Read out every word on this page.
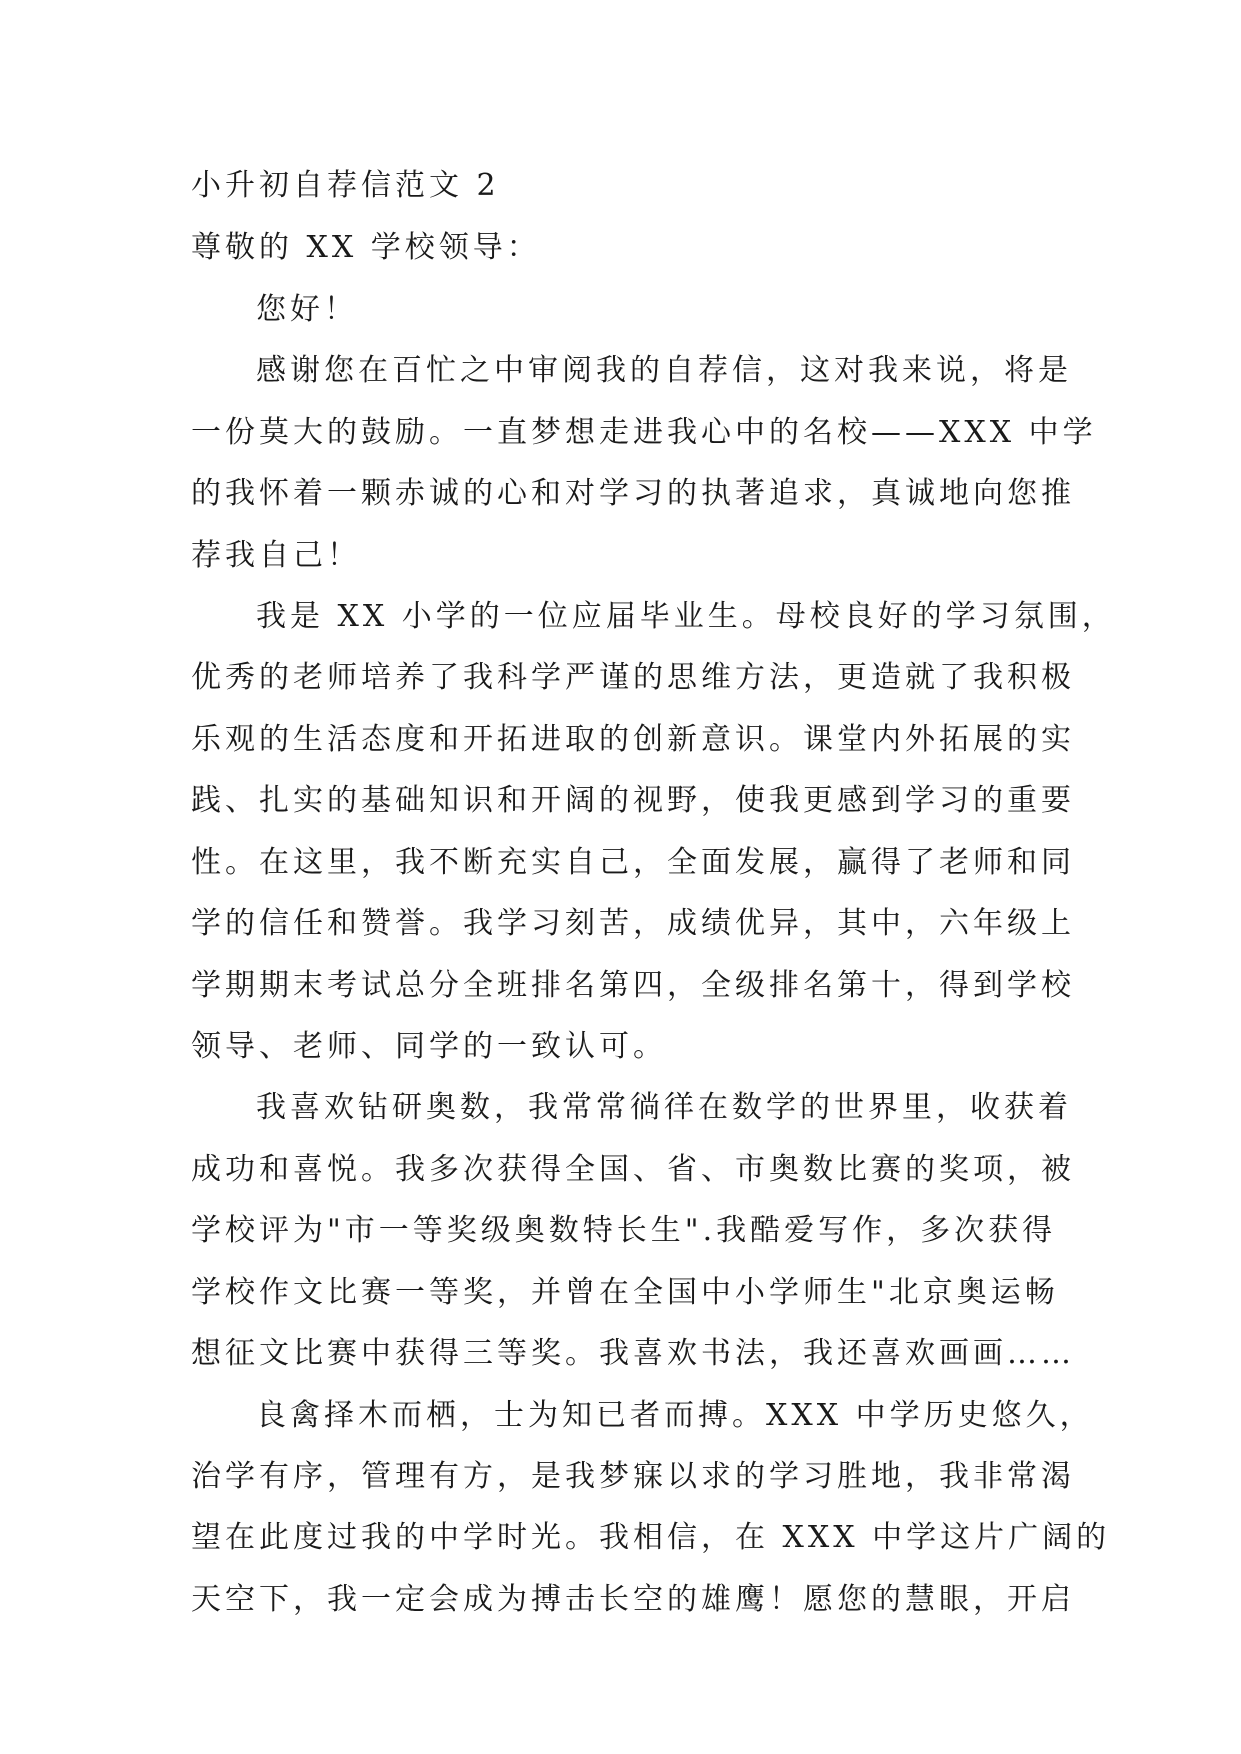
小升初自荐信范文 2
尊敬的 XX 学校领导：
您好！
感谢您在百忙之中审阅我的自荐信，这对我来说，将是
一份莫大的鼓励。一直梦想走进我心中的名校——XXX 中学
的我怀着一颗赤诚的心和对学习的执著追求，真诚地向您推
荐我自己！
我是 XX 小学的一位应届毕业生。母校良好的学习氛围，
优秀的老师培养了我科学严谨的思维方法，更造就了我积极
乐观的生活态度和开拓进取的创新意识。课堂内外拓展的实
践、扎实的基础知识和开阔的视野，使我更感到学习的重要
性。在这里，我不断充实自己，全面发展，赢得了老师和同
学的信任和赞誉。我学习刻苦，成绩优异，其中，六年级上
学期期末考试总分全班排名第四，全级排名第十，得到学校
领导、老师、同学的一致认可。
我喜欢钻研奥数，我常常徜徉在数学的世界里，收获着
成功和喜悦。我多次获得全国、省、市奥数比赛的奖项，被
学校评为"市一等奖级奥数特长生".我酷爱写作，多次获得
学校作文比赛一等奖，并曾在全国中小学师生"北京奥运畅
想征文比赛中获得三等奖。我喜欢书法，我还喜欢画画……
良禽择木而栖，士为知已者而搏。XXX 中学历史悠久，
治学有序，管理有方，是我梦寐以求的学习胜地，我非常渴
望在此度过我的中学时光。我相信，在 XXX 中学这片广阔的
天空下，我一定会成为搏击长空的雄鹰！愿您的慧眼，开启
